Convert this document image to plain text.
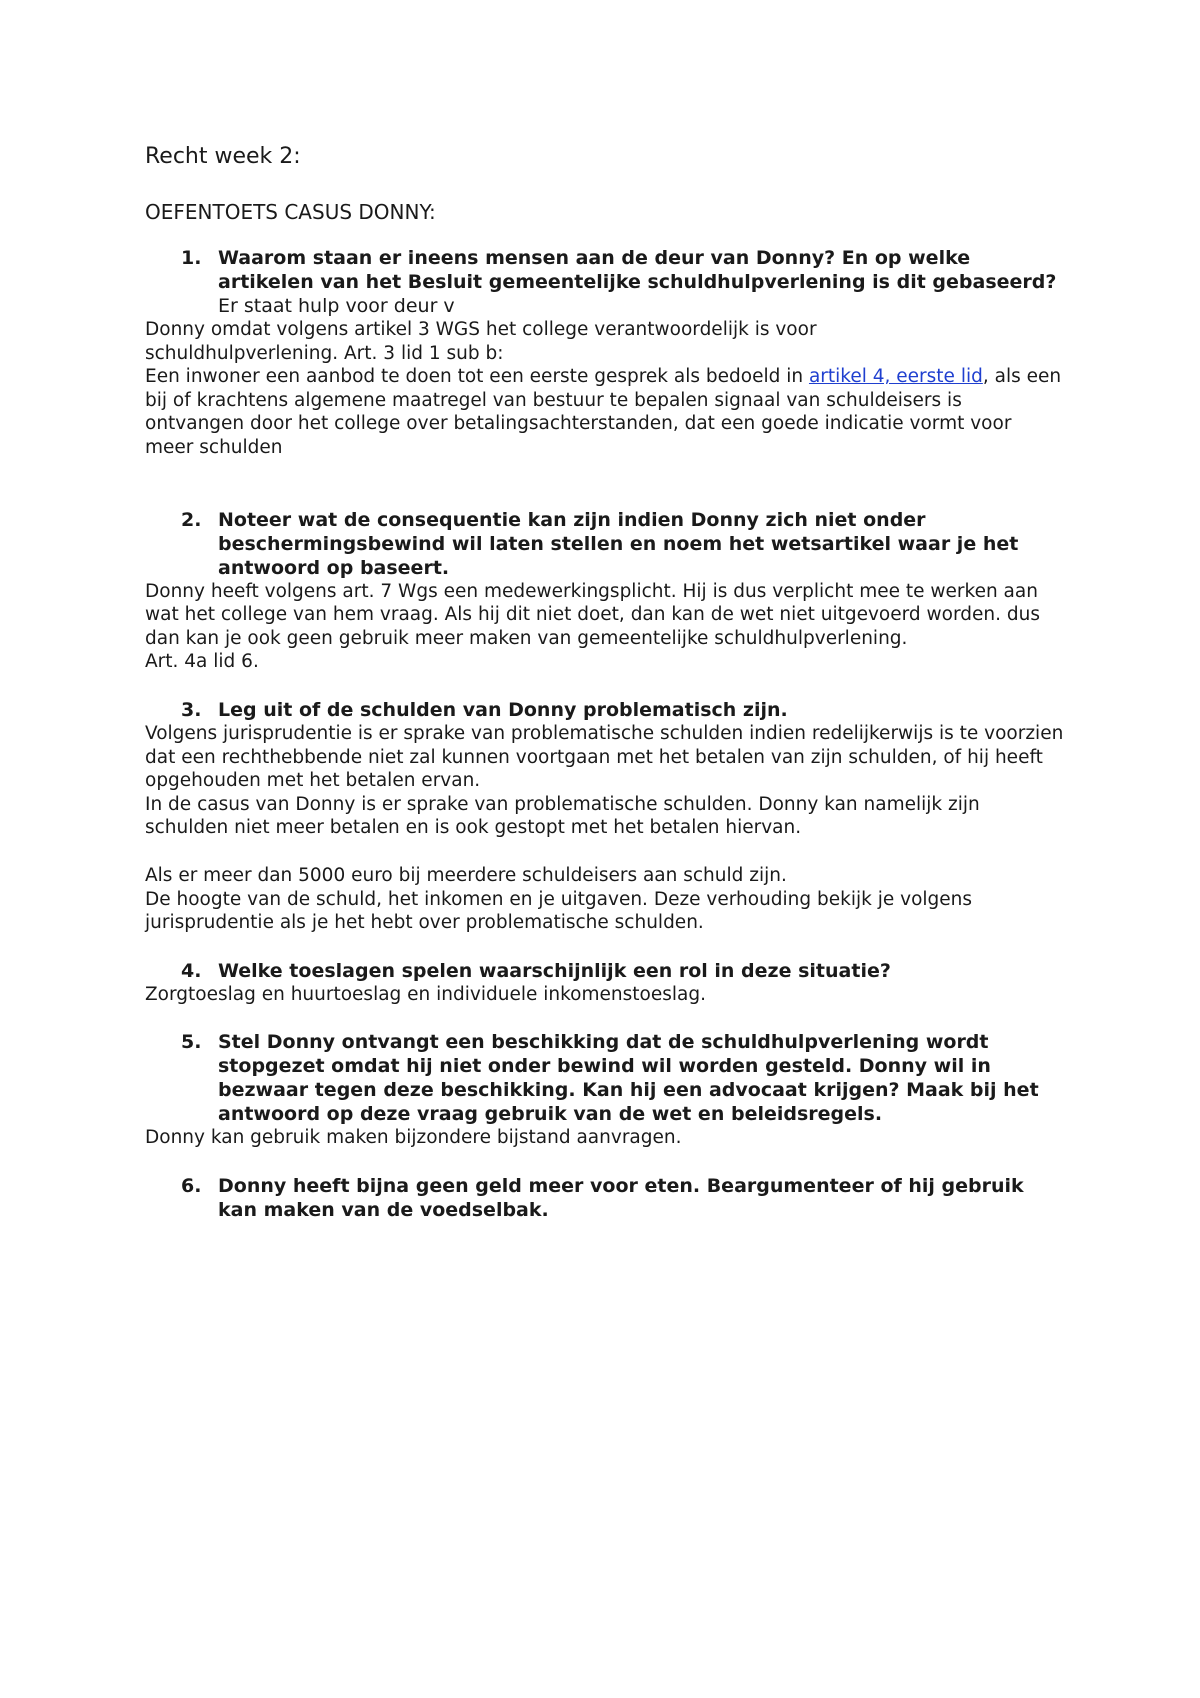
Recht week 2:
OEFENTOETS CASUS DONNY:

1. Waarom staan er ineens mensen aan de deur van Donny? En op welke artikelen van het Besluit gemeentelijke schuldhulpverlening is dit gebaseerd? Er staat hulp voor deur v

Donny omdat volgens artikel 3 WGS het college verantwoordelijk is voor

schuldhulpverlening. Art. 3 lid 1 sub b:

Een inwoner een aanbod te doen tot een eerste gesprek als bedoeld in artikel 4, eerste lid, als een bij of krachtens algemene maatregel van bestuur te bepalen signaal van schuldeisers is ontvangen door het college over betalingsachterstanden, dat een goede indicatie vormt voor meer schulden

2. Noteer wat de consequentie kan zijn indien Donny zich niet onder beschermingsbewind wil laten stellen en noem het wetsartikel waar je het antwoord op baseert.

Donny heeft volgens art. 7 Wgs een medewerkingsplicht. Hij is dus verplicht mee te werken aan wat het college van hem vraag. Als hij dit niet doet, dan kan de wet niet uitgevoerd worden. dus dan kan je ook geen gebruik meer maken van gemeentelijke schuldhulpverlening.

Art. 4a lid 6.

3. Leg uit of de schulden van Donny problematisch zijn.

Volgens jurisprudentie is er sprake van problematische schulden indien redelijkerwijs is te voorzien dat een rechthebbende niet zal kunnen voortgaan met het betalen van zijn schulden, of hij heeft opgehouden met het betalen ervan.

In de casus van Donny is er sprake van problematische schulden. Donny kan namelijk zijn schulden niet meer betalen en is ook gestopt met het betalen hiervan.

Als er meer dan 5000 euro bij meerdere schuldeisers aan schuld zijn.

De hoogte van de schuld, het inkomen en je uitgaven. Deze verhouding bekijk je volgens jurisprudentie als je het hebt over problematische schulden.

4. Welke toeslagen spelen waarschijnlijk een rol in deze situatie?

Zorgtoeslag en huurtoeslag en individuele inkomenstoeslag.

5. Stel Donny ontvangt een beschikking dat de schuldhulpverlening wordt stopgezet omdat hij niet onder bewind wil worden gesteld. Donny wil in bezwaar tegen deze beschikking. Kan hij een advocaat krijgen? Maak bij het antwoord op deze vraag gebruik van de wet en beleidsregels.

Donny kan gebruik maken bijzondere bijstand aanvragen.

6. Donny heeft bijna geen geld meer voor eten. Beargumenteer of hij gebruik kan maken van de voedselbak.
